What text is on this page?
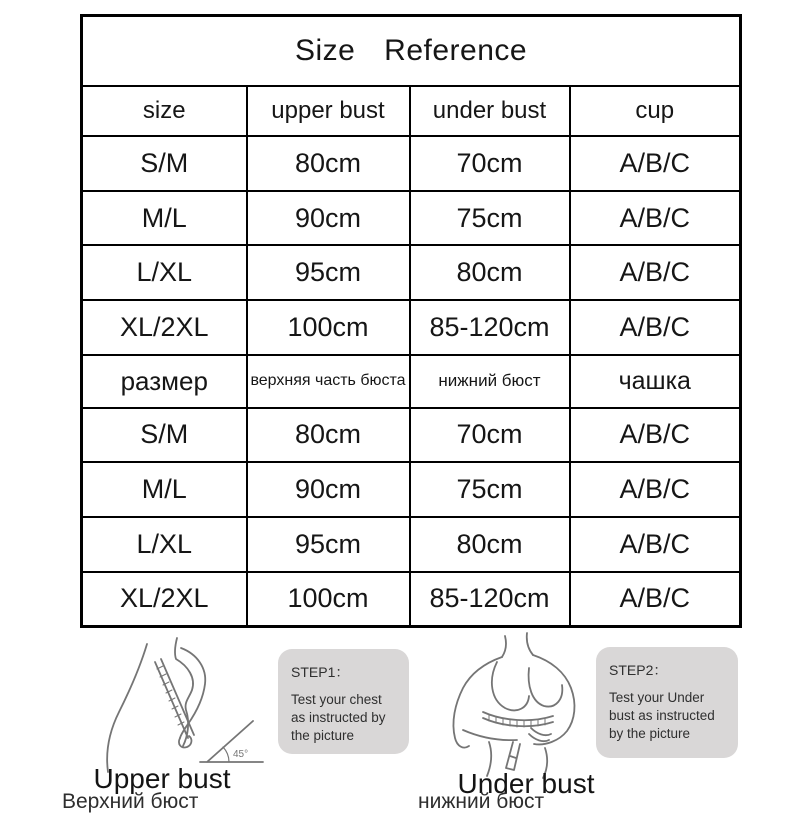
Size Reference			
size	upper bust	under bust	cup
S/M	80cm	70cm	A/B/C
M/L	90cm	75cm	A/B/C
L/XL	95cm	80cm	A/B/C
XL/2XL	100cm	85-120cm	A/B/C
размер	верхняя часть бюста	нижний бюст	чашка
S/M	80cm	70cm	A/B/C
M/L	90cm	75cm	A/B/C
L/XL	95cm	80cm	A/B/C
XL/2XL	100cm	85-120cm	A/B/C
45°
STEP1：
Test your chest as instructed by the picture
STEP2：
Test your Under bust as instructed by the picture
Upper bust	Under bust
Верхний бюст	нижний бюст
